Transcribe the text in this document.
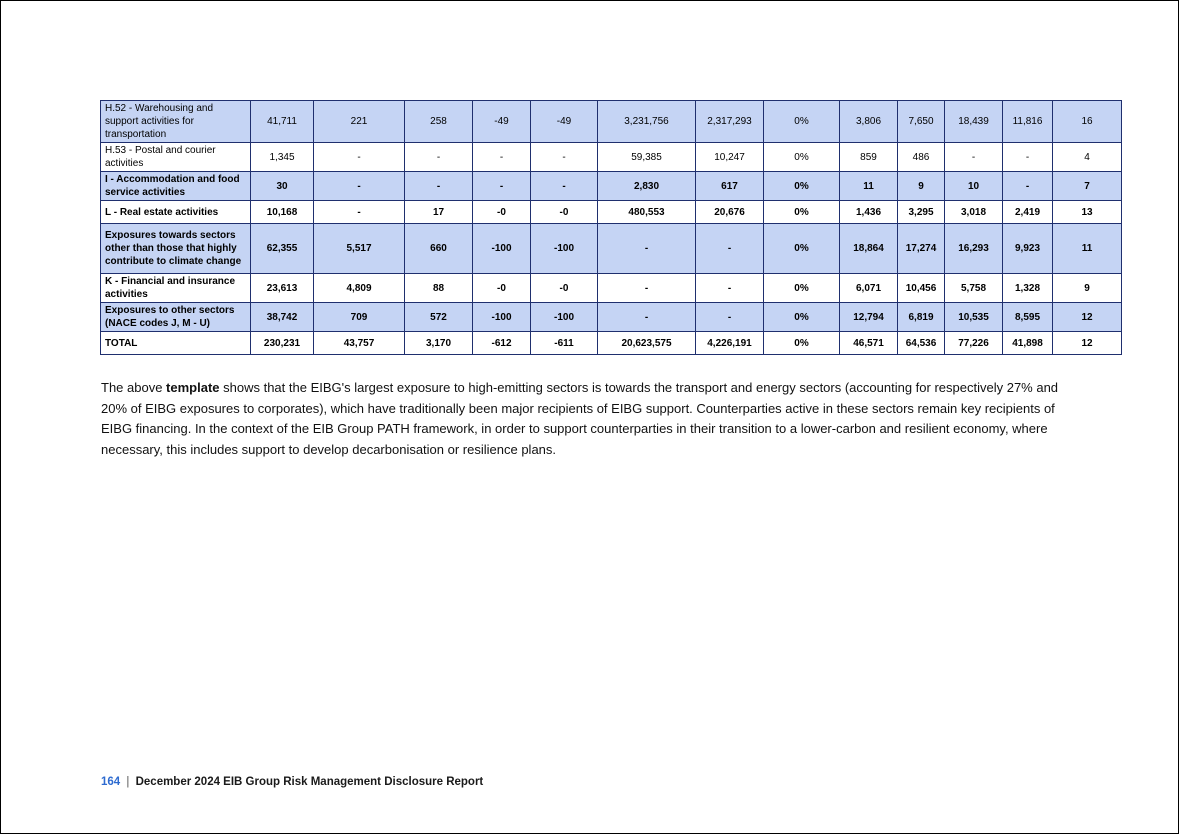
H.52 - Warehousing and support activities for transportation	41,711	221	258	-49	-49	3,231,756	2,317,293	0%	3,806	7,650	18,439	11,816	16
H.53 - Postal and courier activities	1,345	-	-	-	-	59,385	10,247	0%	859	486	-	-	4
I - Accommodation and food service activities	30	-	-	-	-	2,830	617	0%	11	9	10	-	7
L - Real estate activities	10,168	-	17	-0	-0	480,553	20,676	0%	1,436	3,295	3,018	2,419	13
Exposures towards sectors other than those that highly contribute to climate change	62,355	5,517	660	-100	-100	-	-	0%	18,864	17,274	16,293	9,923	11
K - Financial and insurance activities	23,613	4,809	88	-0	-0	-	-	0%	6,071	10,456	5,758	1,328	9
Exposures to other sectors (NACE codes J, M - U)	38,742	709	572	-100	-100	-	-	0%	12,794	6,819	10,535	8,595	12
TOTAL	230,231	43,757	3,170	-612	-611	20,623,575	4,226,191	0%	46,571	64,536	77,226	41,898	12
The above template shows that the EIBG's largest exposure to high-emitting sectors is towards the transport and energy sectors (accounting for respectively 27% and 20% of EIBG exposures to corporates), which have traditionally been major recipients of EIBG support. Counterparties active in these sectors remain key recipients of EIBG financing. In the context of the EIB Group PATH framework, in order to support counterparties in their transition to a lower-carbon and resilient economy, where necessary, this includes support to develop decarbonisation or resilience plans.
164 | December 2024 EIB Group Risk Management Disclosure Report
